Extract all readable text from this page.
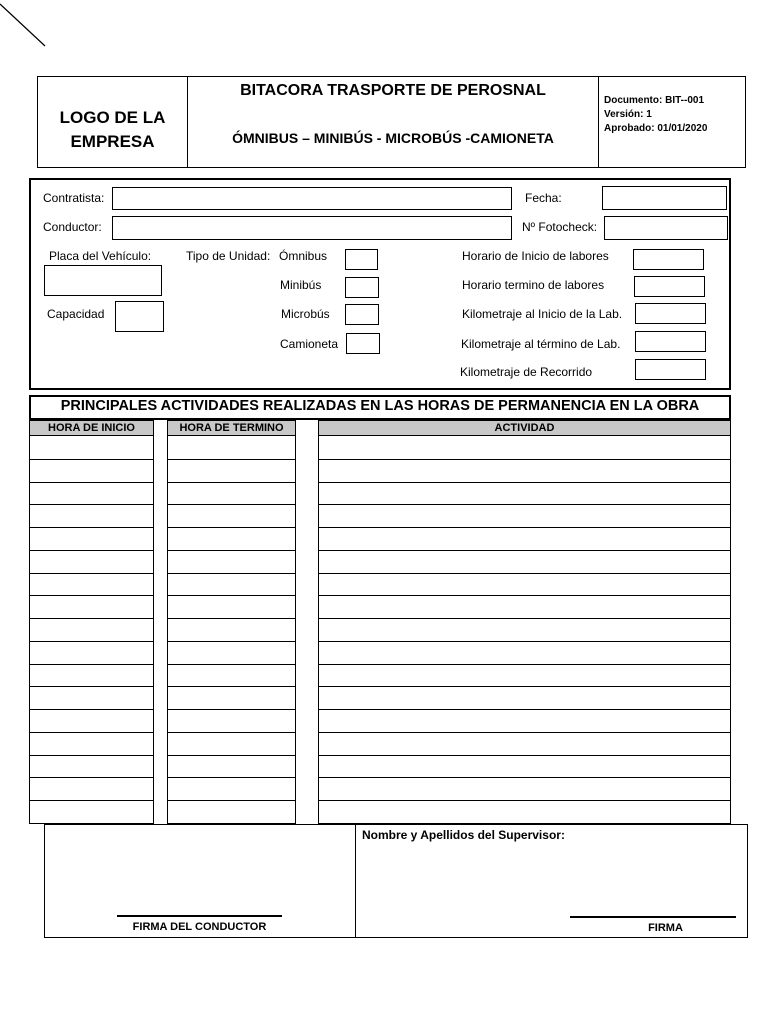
LOGO DE LA EMPRESA
BITACORA TRASPORTE DE PEROSNAL
ÓMNIBUS – MINIBÚS - MICROBÚS -CAMIONETA
Documento: BIT--001
Versión: 1
Aprobado: 01/01/2020
Contratista:	Fecha:
Conductor:	Nº Fotocheck:
Placa del Vehículo:
Capacidad
Tipo de Unidad: Ómnibus
Minibús
Microbús
Camioneta
Horario de Inicio de labores
Horario termino de labores
Kilometraje al Inicio de la Lab.
Kilometraje al término de Lab.
Kilometraje de Recorrido
PRINCIPALES ACTIVIDADES REALIZADAS EN LAS HORAS DE PERMANENCIA EN LA OBRA
HORA DE INICIO	HORA DE TERMINO	ACTIVIDAD
FIRMA DEL CONDUCTOR
Nombre y Apellidos del Supervisor:
FIRMA
